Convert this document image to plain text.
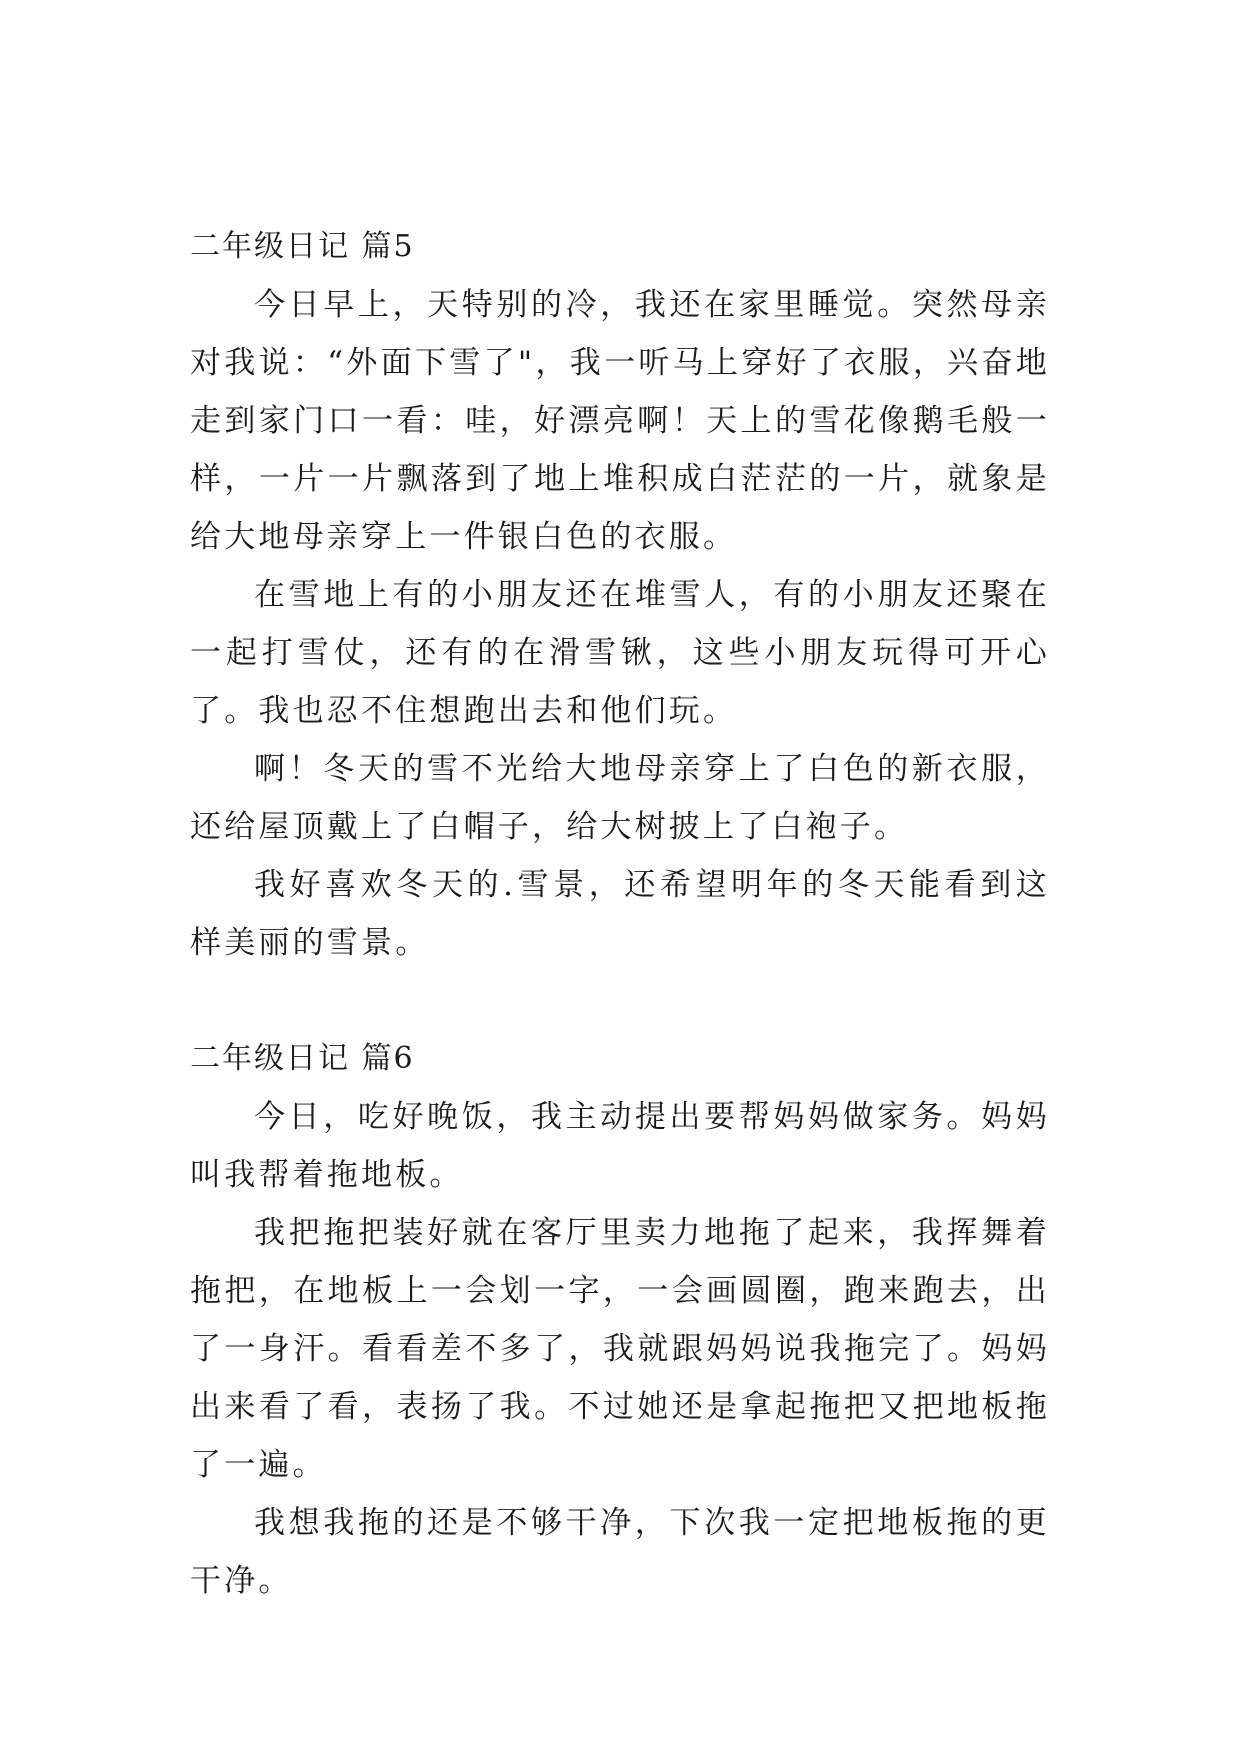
二年级日记 篇5

今日早上，天特别的冷，我还在家里睡觉。突然母亲对我说：“外面下雪了"，我一听马上穿好了衣服，兴奋地走到家门口一看：哇，好漂亮啊！天上的雪花像鹅毛般一样，一片一片飘落到了地上堆积成白茫茫的一片，就象是给大地母亲穿上一件银白色的衣服。

在雪地上有的小朋友还在堆雪人，有的小朋友还聚在一起打雪仗，还有的在滑雪锹，这些小朋友玩得可开心了。我也忍不住想跑出去和他们玩。

啊！冬天的雪不光给大地母亲穿上了白色的新衣服，还给屋顶戴上了白帽子，给大树披上了白袍子。

我好喜欢冬天的.雪景，还希望明年的冬天能看到这样美丽的雪景。

二年级日记 篇6

今日，吃好晚饭，我主动提出要帮妈妈做家务。妈妈叫我帮着拖地板。

我把拖把装好就在客厅里卖力地拖了起来，我挥舞着拖把，在地板上一会划一字，一会画圆圈，跑来跑去，出了一身汗。看看差不多了，我就跟妈妈说我拖完了。妈妈出来看了看，表扬了我。不过她还是拿起拖把又把地板拖了一遍。

我想我拖的还是不够干净，下次我一定把地板拖的更干净。
